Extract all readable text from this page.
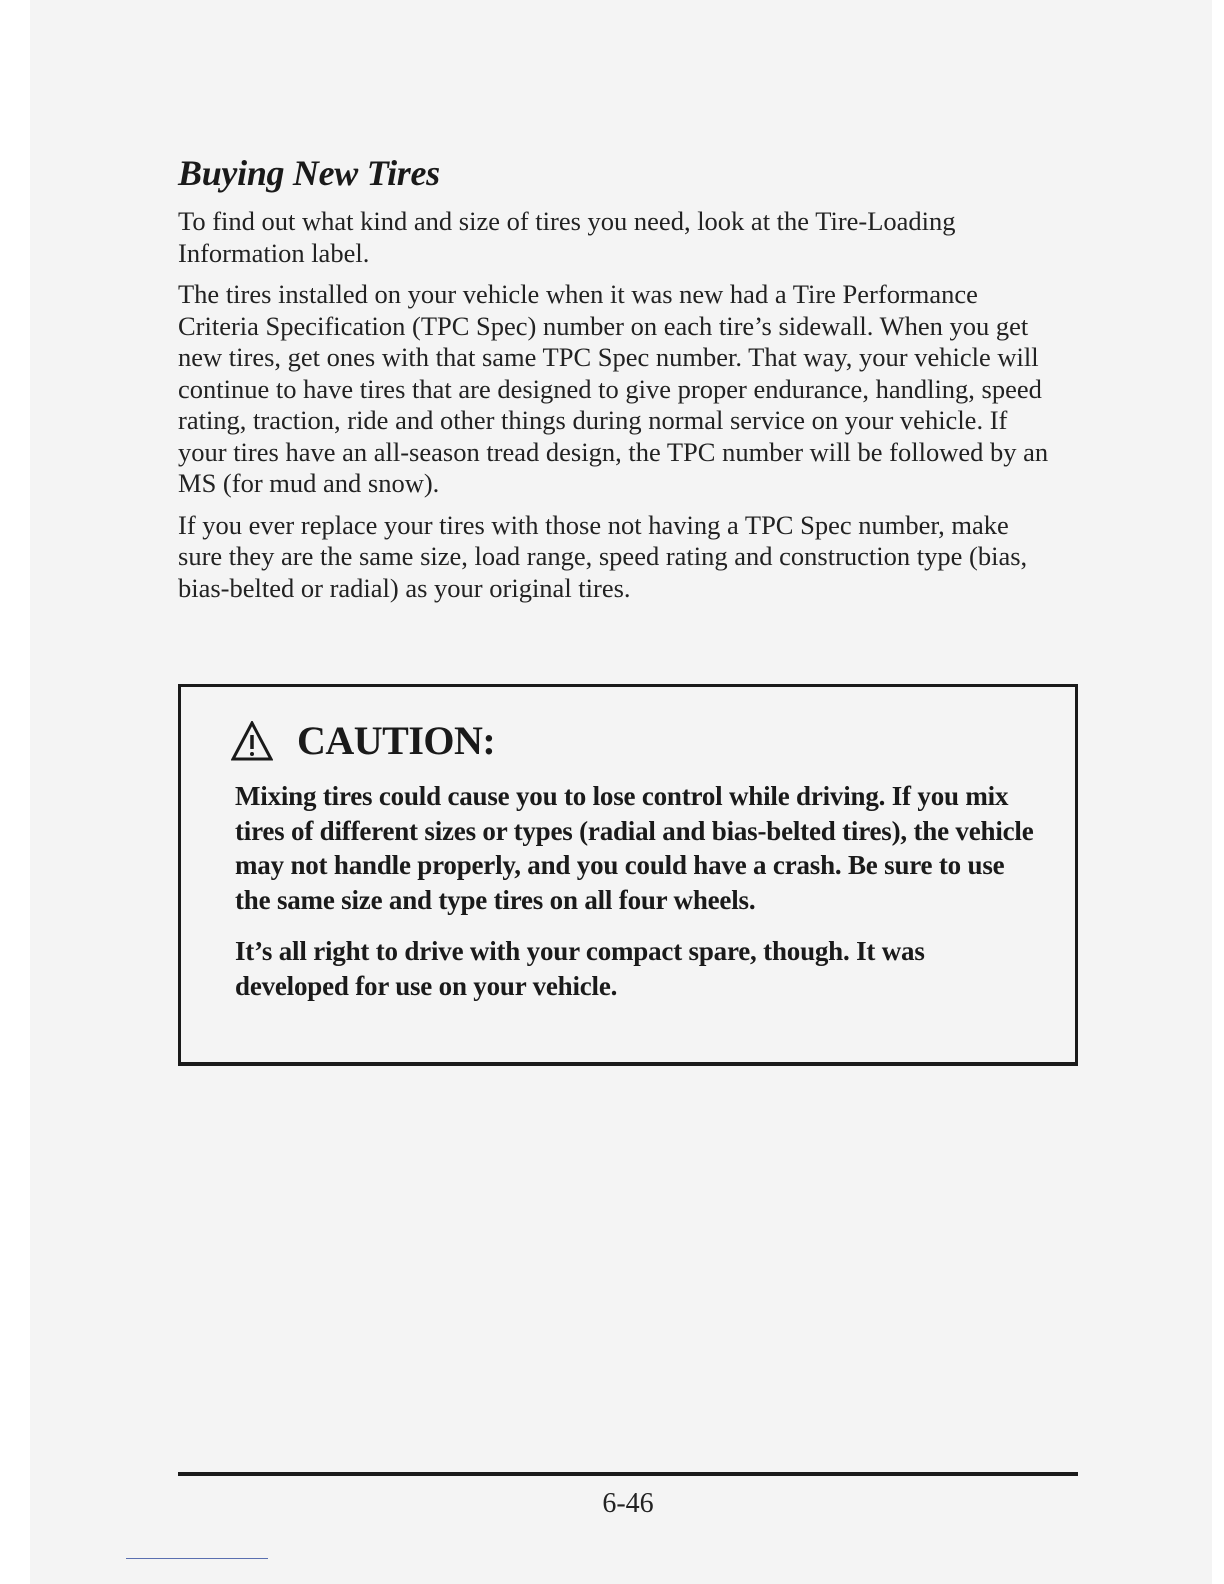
Buying New Tires

To find out what kind and size of tires you need, look at the Tire-Loading Information label.

The tires installed on your vehicle when it was new had a Tire Performance Criteria Specification (TPC Spec) number on each tire’s sidewall. When you get new tires, get ones with that same TPC Spec number. That way, your vehicle will continue to have tires that are designed to give proper endurance, handling, speed rating, traction, ride and other things during normal service on your vehicle. If your tires have an all-season tread design, the TPC number will be followed by an MS (for mud and snow).

If you ever replace your tires with those not having a TPC Spec number, make sure they are the same size, load range, speed rating and construction type (bias, bias-belted or radial) as your original tires.

CAUTION:

Mixing tires could cause you to lose control while driving. If you mix tires of different sizes or types (radial and bias-belted tires), the vehicle may not handle properly, and you could have a crash. Be sure to use the same size and type tires on all four wheels.

It’s all right to drive with your compact spare, though. It was developed for use on your vehicle.

6-46
